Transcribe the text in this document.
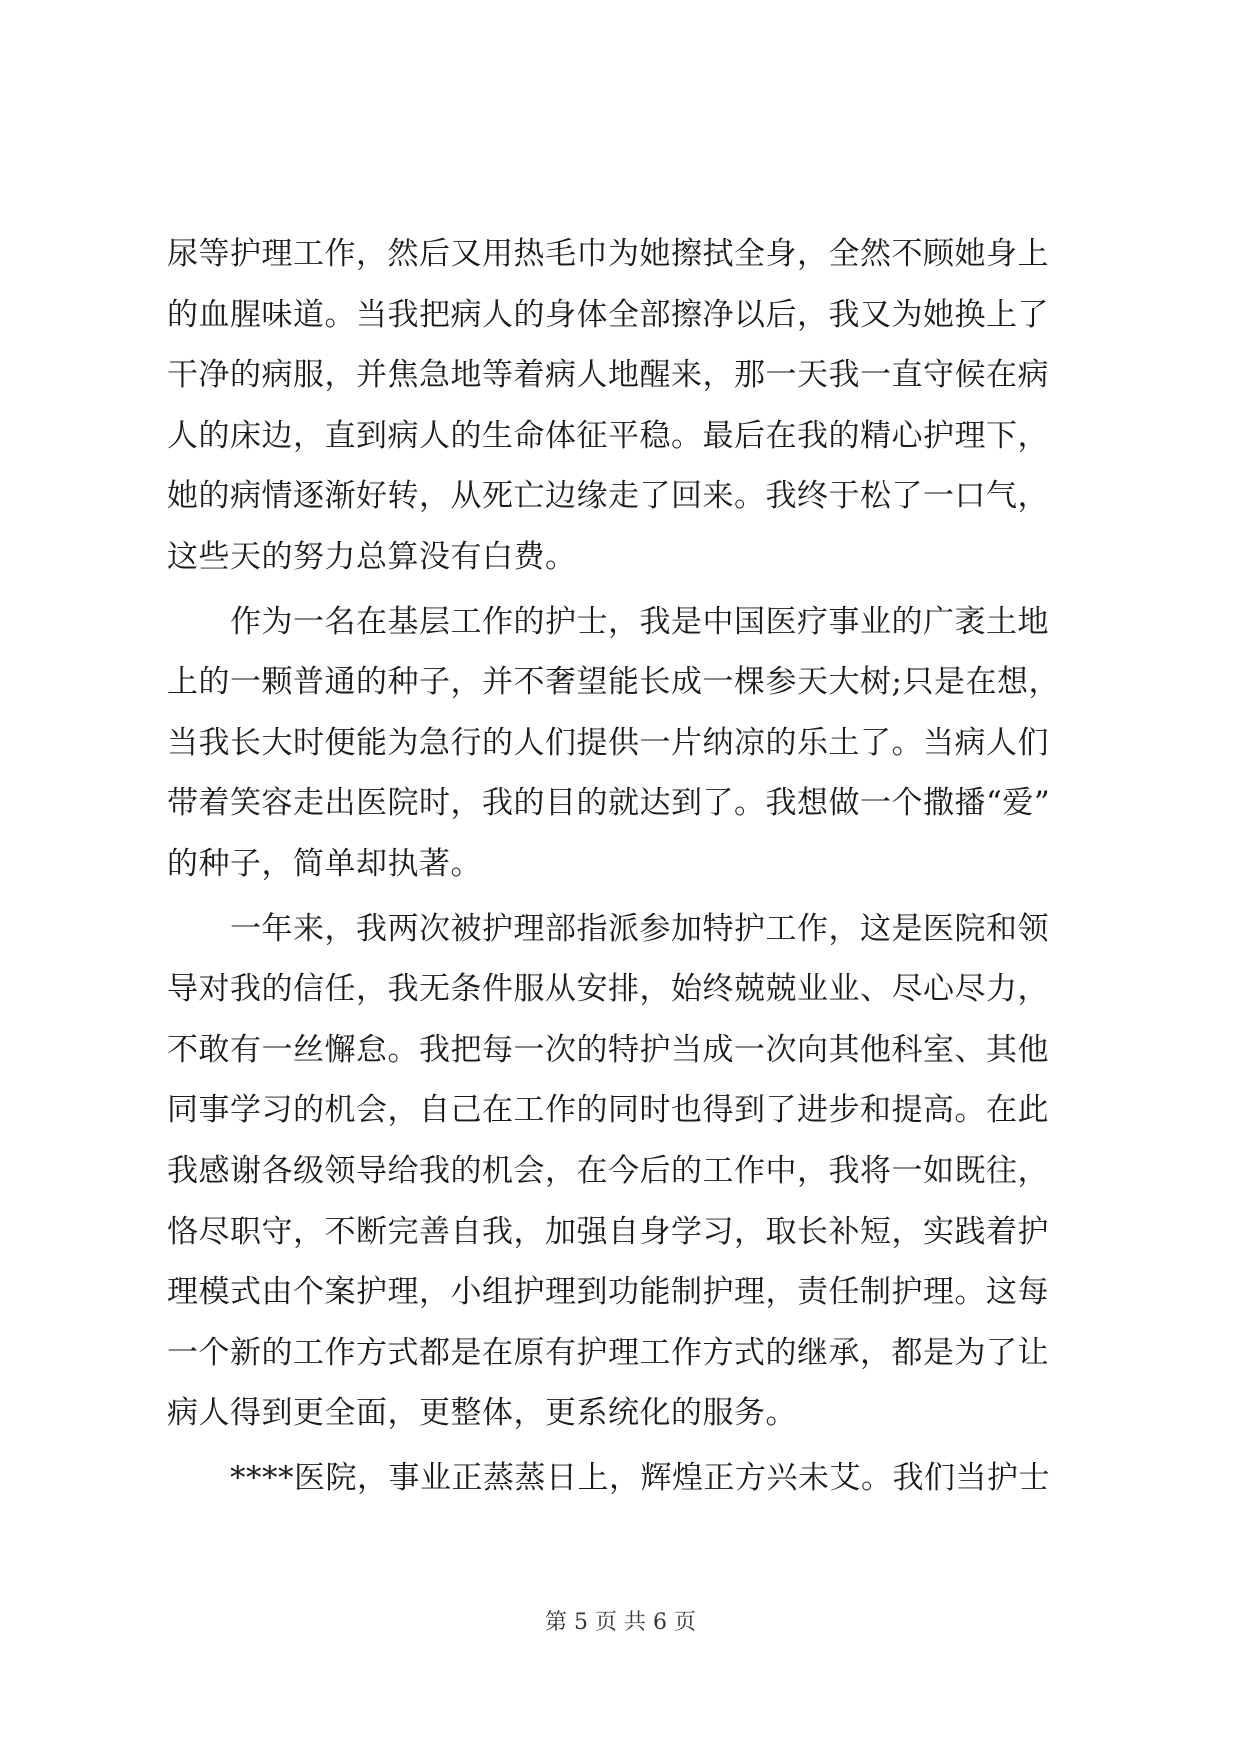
尿等护理工作，然后又用热毛巾为她擦拭全身，全然不顾她身上
的血腥味道。当我把病人的身体全部擦净以后，我又为她换上了
干净的病服，并焦急地等着病人地醒来，那一天我一直守候在病
人的床边，直到病人的生命体征平稳。最后在我的精心护理下，
她的病情逐渐好转，从死亡边缘走了回来。我终于松了一口气，
这些天的努力总算没有白费。
作为一名在基层工作的护士，我是中国医疗事业的广袤土地
上的一颗普通的种子，并不奢望能长成一棵参天大树;只是在想，
当我长大时便能为急行的人们提供一片纳凉的乐土了。当病人们
带着笑容走出医院时，我的目的就达到了。我想做一个撒播“爱”
的种子，简单却执著。
一年来，我两次被护理部指派参加特护工作，这是医院和领
导对我的信任，我无条件服从安排，始终兢兢业业、尽心尽力，
不敢有一丝懈怠。我把每一次的特护当成一次向其他科室、其他
同事学习的机会，自己在工作的同时也得到了进步和提高。在此
我感谢各级领导给我的机会，在今后的工作中，我将一如既往，
恪尽职守，不断完善自我，加强自身学习，取长补短，实践着护
理模式由个案护理，小组护理到功能制护理，责任制护理。这每
一个新的工作方式都是在原有护理工作方式的继承，都是为了让
病人得到更全面，更整体，更系统化的服务。
****医院，事业正蒸蒸日上，辉煌正方兴未艾。我们当护士
第 5 页 共 6 页
